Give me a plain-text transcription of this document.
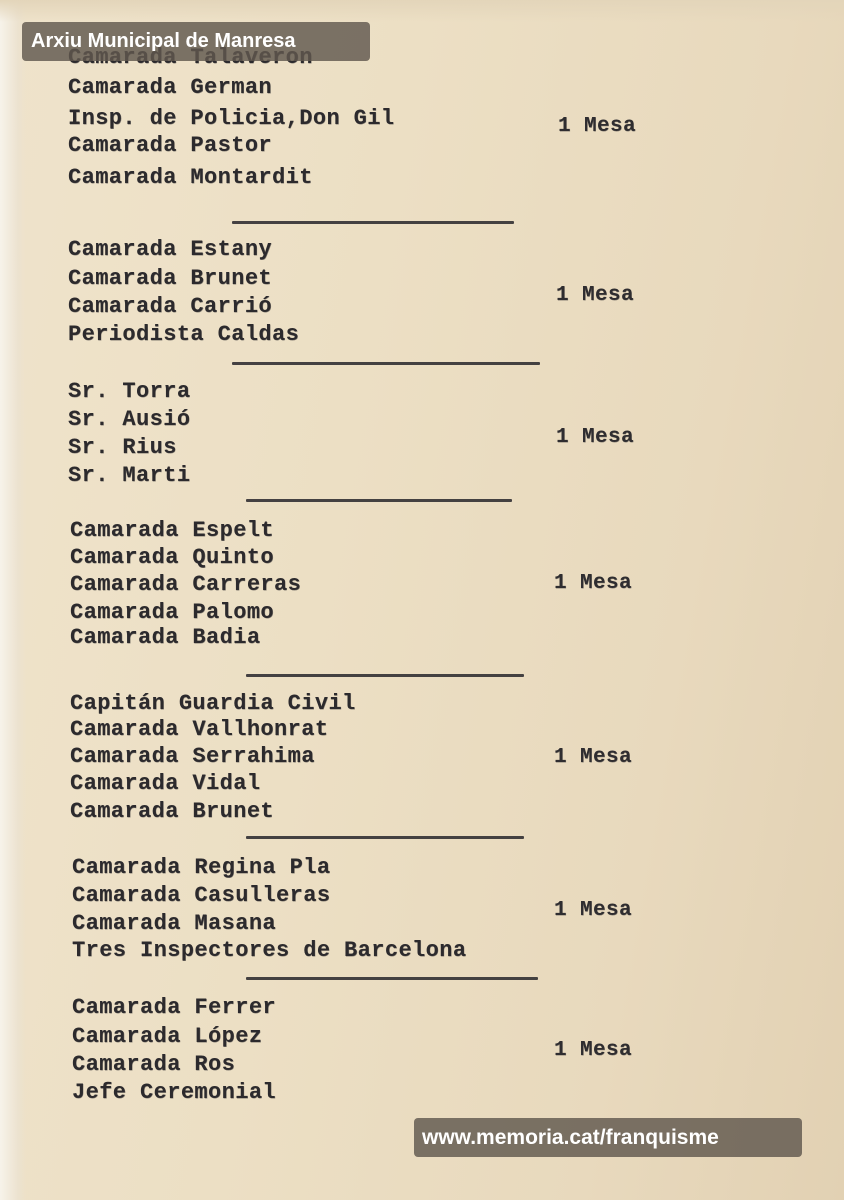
Camarada German
Insp. de Policia,Don Gil
Camarada Pastor
Camarada Montardit
1 Mesa
Camarada Estany
Camarada Brunet
Camarada Carrió
Periodista Caldas
1 Mesa
Sr. Torra
Sr. Ausió
Sr. Rius
Sr. Marti
1 Mesa
Camarada Espelt
Camarada Quinto
Camarada Carreras
Camarada Palomo
Camarada Badia
1 Mesa
Capitán Guardia Civil
Camarada Vallhonrat
Camarada Serrahima
Camarada Vidal
Camarada Brunet
1 Mesa
Camarada Regina Pla
Camarada Casulleras
Camarada Masana
Tres Inspectores de Barcelona
1 Mesa
Camarada Ferrer
Camarada López
Camarada Ros
Jefe Ceremonial
1 Mesa
Arxiu Municipal de Manresa
www.memoria.cat/franquisme
